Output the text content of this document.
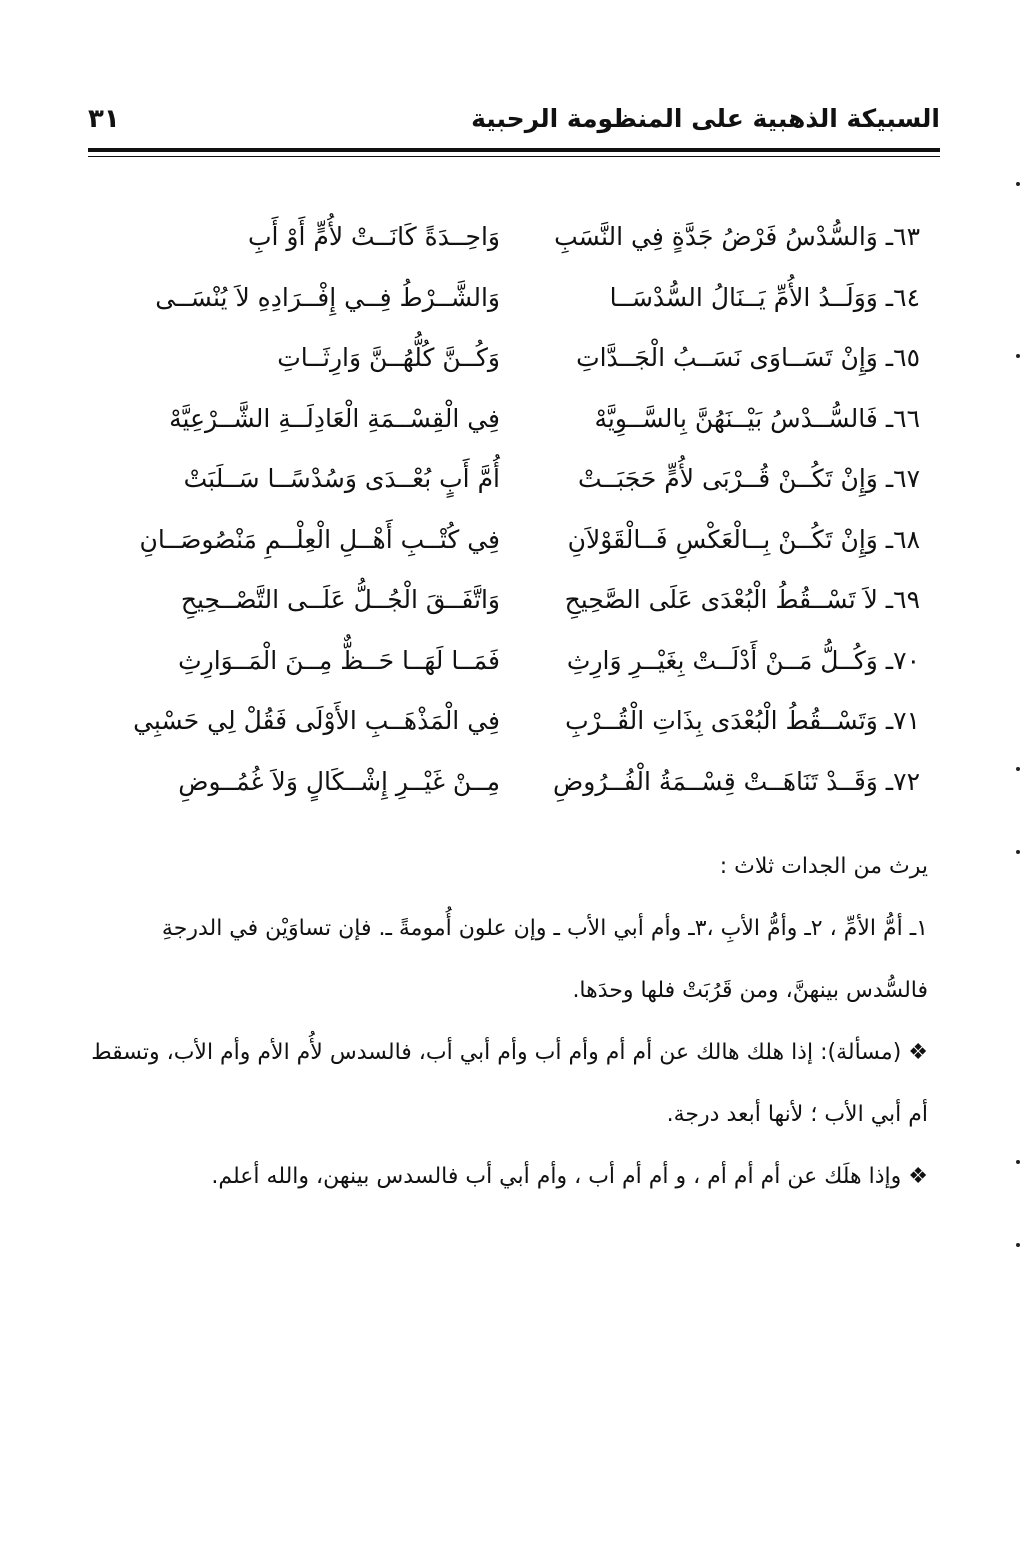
السبيكة الذهبية على المنظومة الرحبية
٣١
٦٣ـ وَالسُّدْسُ فَرْضُ جَدَّةٍ فِي النَّسَبِ
وَاحِــدَةً كَانَــتْ لأُمٍّ أَوْ أَبِ
٦٤ـ وَوَلَــدُ الأُمِّ يَــنَالُ السُّدْسَــا
وَالشَّــرْطُ فِــي إِفْــرَادِهِ لاَ يُنْسَــى
٦٥ـ وَإِنْ تَسَــاوَى نَسَــبُ الْجَــدَّاتِ
وَكُــنَّ كُلُّهُــنَّ وَارِثَــاتِ
٦٦ـ فَالسُّــدْسُ بَيْــنَهُنَّ بِالسَّــوِيَّهْ
فِي الْقِسْــمَةِ الْعَادِلَــةِ الشَّــرْعِيَّهْ
٦٧ـ وَإِنْ تَكُــنْ قُــرْبَى لأُمٍّ حَجَبَــتْ
أُمَّ أَبٍ بُعْــدَى وَسُدْسًــا سَــلَبَتْ
٦٨ـ وَإِنْ تَكُــنْ بِــالْعَكْسِ فَــالْقَوْلاَنِ
فِي كُتْــبِ أَهْــلِ الْعِلْــمِ مَنْصُوصَــانِ
٦٩ـ لاَ تَسْــقُطُ الْبُعْدَى عَلَى الصَّحِيحِ
وَاتَّفَــقَ الْجُــلُّ عَلَــى التَّصْــحِيحِ
٧٠ـ وَكُــلُّ مَــنْ أَدْلَــتْ بِغَيْــرِ وَارِثِ
فَمَــا لَهَــا حَــظٌّ مِــنَ الْمَــوَارِثِ
٧١ـ وَتَسْــقُطُ الْبُعْدَى بِذَاتِ الْقُــرْبِ
فِي الْمَذْهَــبِ الأَوْلَى فَقُلْ لِي حَسْبِي
٧٢ـ وَقَــدْ تَنَاهَــتْ قِسْــمَةُ الْفُــرُوضِ
مِــنْ غَيْــرِ إِشْــكَالٍ وَلاَ غُمُــوضِ

يرث من الجدات ثلاث :

١ـ أمُّ الأمِّ ، ٢ـ وأمُّ الأبِ ،٣ـ وأم أبي الأب ـ وإن علون أُمومةً ـ. فإن تساوَيْن في الدرجةِ فالسُّدس بينهنَّ، ومن قَرُبَتْ فلها وحدَها.

❖ (مسألة): إذا هلك هالك عن أم أم وأم أب وأم أبي أب، فالسدس لأُم الأم وأم الأب، وتسقط أم أبي الأب ؛ لأنها أبعد درجة.

❖ وإذا هلَك عن أم أم أم ، و أم أم أب ، وأم أبي أب فالسدس بينهن، والله أعلم.
